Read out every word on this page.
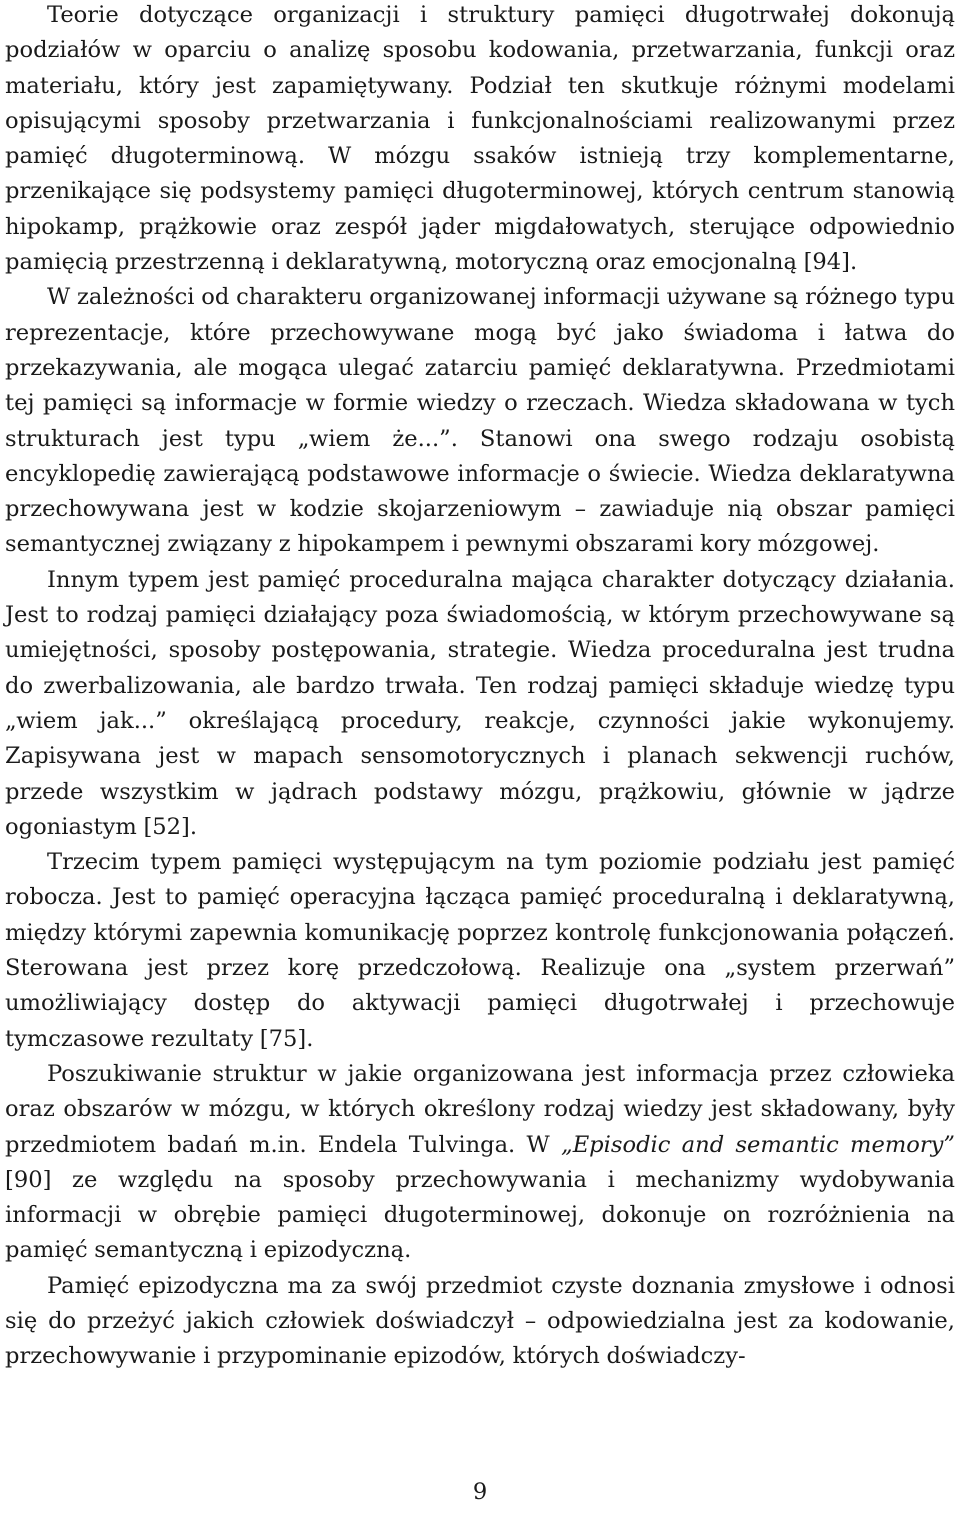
Teorie dotyczące organizacji i struktury pamięci długotrwałej dokonują podziałów w oparciu o analizę sposobu kodowania, przetwarzania, funkcji oraz materiału, który jest zapamiętywany. Podział ten skutkuje różnymi modelami opisującymi sposoby przetwarzania i funkcjonalnościami realizowanymi przez pamięć długoterminową. W mózgu ssaków istnieją trzy komplementarne, przenikające się podsystemy pamięci długoterminowej, których centrum stanowią hipokamp, prążkowie oraz zespół jąder migdałowatych, sterujące odpowiednio pamięcią przestrzenną i deklaratywną, motoryczną oraz emocjonalną [94].

W zależności od charakteru organizowanej informacji używane są różnego typu reprezentacje, które przechowywane mogą być jako świadoma i łatwa do przekazywania, ale mogąca ulegać zatarciu pamięć deklaratywna. Przedmiotami tej pamięci są informacje w formie wiedzy o rzeczach. Wiedza składowana w tych strukturach jest typu „wiem że...”. Stanowi ona swego rodzaju osobistą encyklopedię zawierającą podstawowe informacje o świecie. Wiedza deklaratywna przechowywana jest w kodzie skojarzeniowym – zawiaduje nią obszar pamięci semantycznej związany z hipokampem i pewnymi obszarami kory mózgowej.

Innym typem jest pamięć proceduralna mająca charakter dotyczący działania. Jest to rodzaj pamięci działający poza świadomością, w którym przechowywane są umiejętności, sposoby postępowania, strategie. Wiedza proceduralna jest trudna do zwerbalizowania, ale bardzo trwała. Ten rodzaj pamięci składuje wiedzę typu „wiem jak...” określającą procedury, reakcje, czynności jakie wykonujemy. Zapisywana jest w mapach sensomotorycznych i planach sekwencji ruchów, przede wszystkim w jądrach podstawy mózgu, prążkowiu, głównie w jądrze ogoniastym [52].

Trzecim typem pamięci występującym na tym poziomie podziału jest pamięć robocza. Jest to pamięć operacyjna łącząca pamięć proceduralną i deklaratywną, między którymi zapewnia komunikację poprzez kontrolę funkcjonowania połączeń. Sterowana jest przez korę przedczołową. Realizuje ona „system przerwań” umożliwiający dostęp do aktywacji pamięci długotrwałej i przechowuje tymczasowe rezultaty [75].

Poszukiwanie struktur w jakie organizowana jest informacja przez człowieka oraz obszarów w mózgu, w których określony rodzaj wiedzy jest składowany, były przedmiotem badań m.in. Endela Tulvinga. W „Episodic and semantic memory” [90] ze względu na sposoby przechowywania i mechanizmy wydobywania informacji w obrębie pamięci długoterminowej, dokonuje on rozróżnienia na pamięć semantyczną i epizodyczną.

Pamięć epizodyczna ma za swój przedmiot czyste doznania zmysłowe i odnosi się do przeżyć jakich człowiek doświadczył – odpowiedzialna jest za kodowanie, przechowywanie i przypominanie epizodów, których doświadczy-

9
